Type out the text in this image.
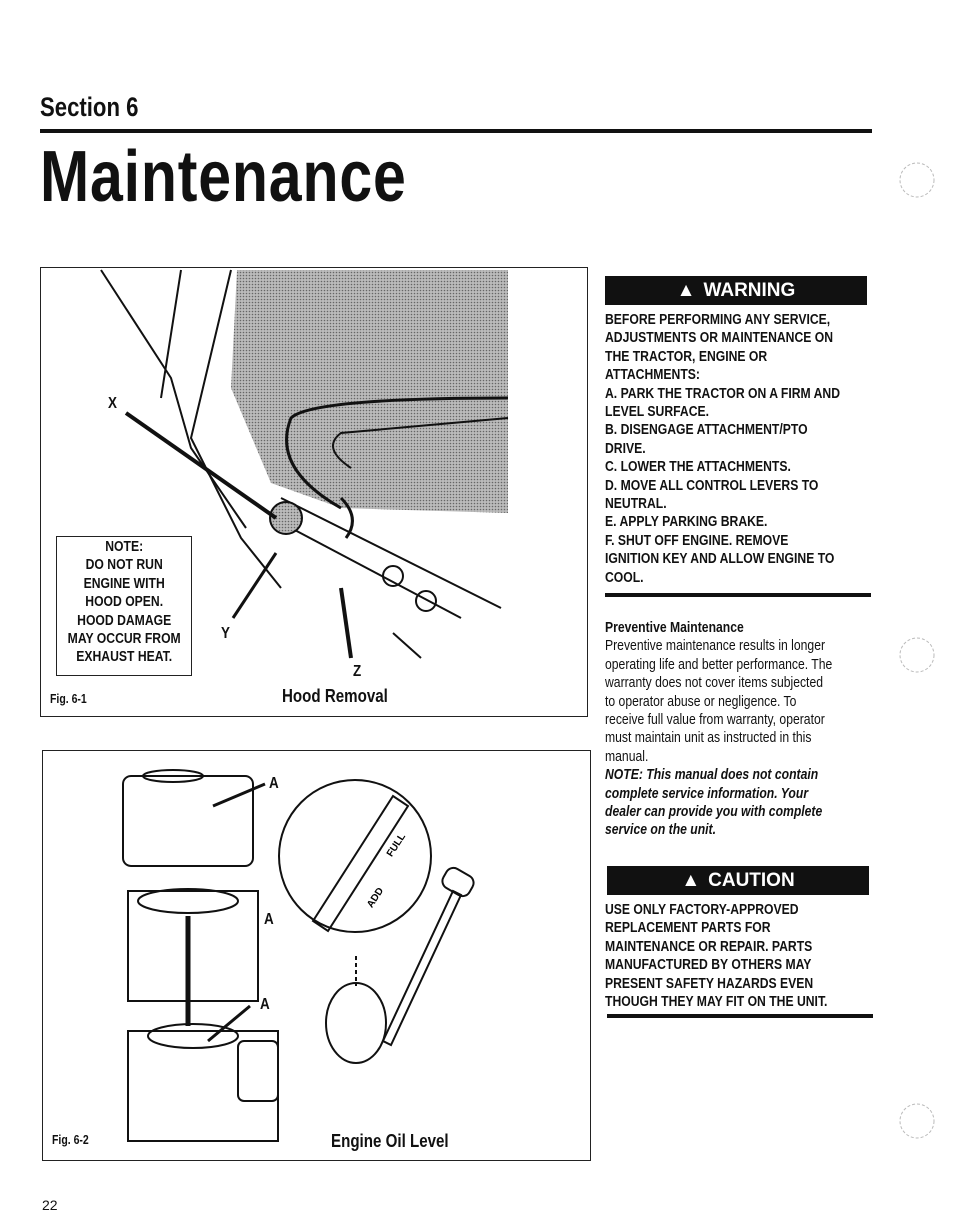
Section 6
Maintenance
X
Y
Z
Fig. 6-1	Hood Removal
NOTE:
DO NOT RUN
ENGINE WITH
HOOD OPEN.
HOOD DAMAGE
MAY OCCUR FROM
EXHAUST HEAT.
ADD
FULL
A
A
A
Fig. 6-2	Engine Oil Level
▲ WARNING
BEFORE PERFORMING ANY SERVICE,
ADJUSTMENTS OR MAINTENANCE ON
THE TRACTOR, ENGINE OR
ATTACHMENTS:
A. PARK THE TRACTOR ON A FIRM AND
LEVEL SURFACE.
B. DISENGAGE ATTACHMENT/PTO
DRIVE.
C. LOWER THE ATTACHMENTS.
D. MOVE ALL CONTROL LEVERS TO
NEUTRAL.
E. APPLY PARKING BRAKE.
F. SHUT OFF ENGINE. REMOVE
IGNITION KEY AND ALLOW ENGINE TO
COOL.
Preventive Maintenance
Preventive maintenance results in longer
operating life and better performance. The
warranty does not cover items subjected
to operator abuse or negligence. To
receive full value from warranty, operator
must maintain unit as instructed in this
manual.
NOTE: This manual does not contain
complete service information. Your
dealer can provide you with complete
service on the unit.
▲ CAUTION
USE ONLY FACTORY-APPROVED
REPLACEMENT PARTS FOR
MAINTENANCE OR REPAIR. PARTS
MANUFACTURED BY OTHERS MAY
PRESENT SAFETY HAZARDS EVEN
THOUGH THEY MAY FIT ON THE UNIT.
22
